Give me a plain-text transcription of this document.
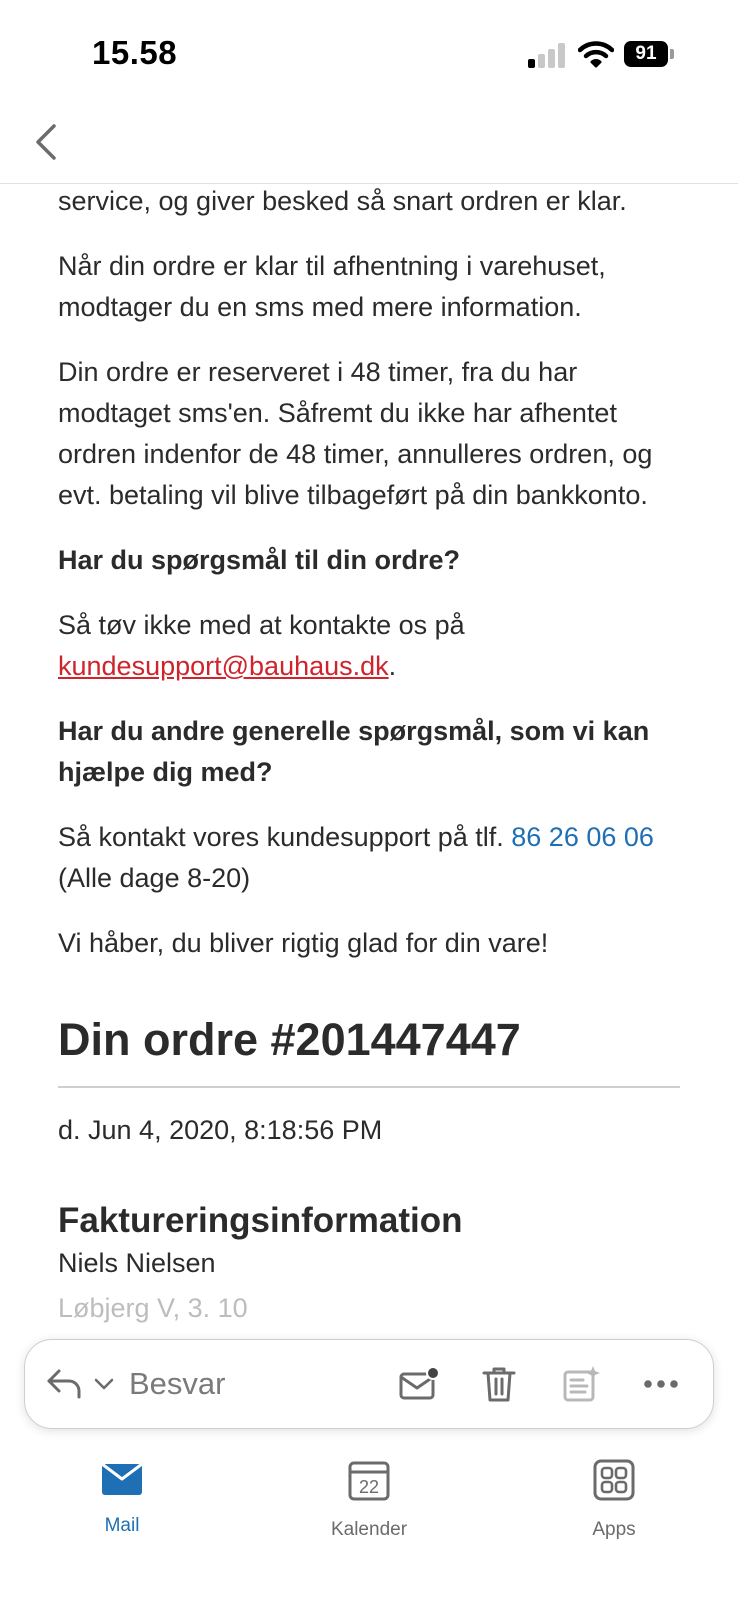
15.58	91

service, og giver besked så snart ordren er klar.

Når din ordre er klar til afhentning i varehuset, modtager du en sms med mere information.

Din ordre er reserveret i 48 timer, fra du har modtaget sms'en. Såfremt du ikke har afhentet ordren indenfor de 48 timer, annulleres ordren, og evt. betaling vil blive tilbageført på din bankkonto.

Har du spørgsmål til din ordre?

Så tøv ikke med at kontakte os på kundesupport@bauhaus.dk.

Har du andre generelle spørgsmål, som vi kan hjælpe dig med?

Så kontakt vores kundesupport på tlf. 86 26 06 06 (Alle dage 8-20)

Vi håber, du bliver rigtig glad for din vare!

Din ordre #201447447

d. Jun 4, 2020, 8:18:56 PM

Faktureringsinformation

Niels Nielsen

Løbjerg V, 3. 10

Besvar
Mail
22
Kalender	Apps
